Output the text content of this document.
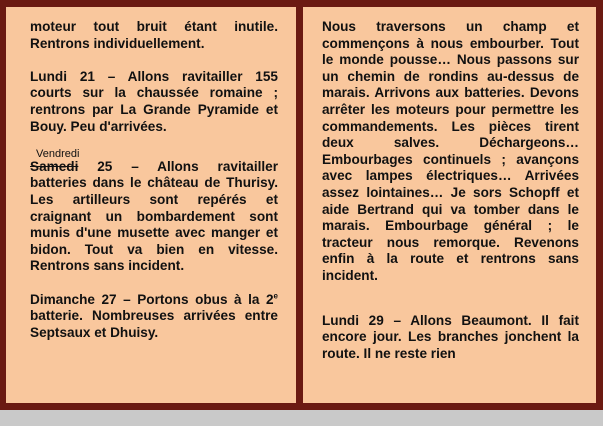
moteur tout bruit étant inutile. Rentrons individuellement.

Lundi 21 – Allons ravitailler 155 courts sur la chaussée romaine ; rentrons par La Grande Pyramide et Bouy. Peu d'arrivées.

Vendredi
Samedi 25 – Allons ravitailler batteries dans le château de Thurisy. Les artilleurs sont repérés et craignant un bombardement sont munis d'une musette avec manger et bidon. Tout va bien en vitesse. Rentrons sans incident.

Dimanche 27 – Portons obus à la 2e batterie. Nombreuses arrivées entre Septsaux et Dhuisy.

Nous traversons un champ et commençons à nous embourber. Tout le monde pousse… Nous passons sur un chemin de rondins au-dessus de marais. Arrivons aux batteries. Devons arrêter les moteurs pour permettre les commandements. Les pièces tirent deux salves. Déchargeons… Embourbages continuels ; avançons avec lampes électriques… Arrivées assez lointaines… Je sors Schopff et aide Bertrand qui va tomber dans le marais. Embourbage général ; le tracteur nous remorque. Revenons enfin à la route et rentrons sans incident.

Lundi 29 – Allons Beaumont. Il fait encore jour. Les branches jonchent la route. Il ne reste rien
